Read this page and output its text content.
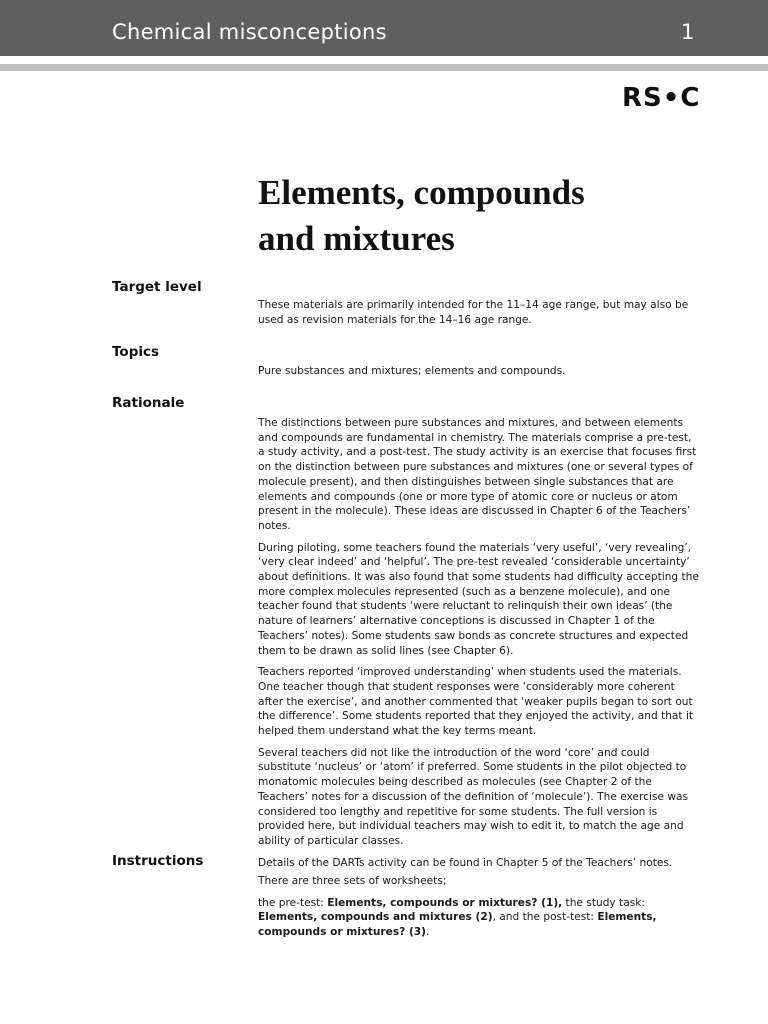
Chemical misconceptions	1
RS•C
Elements, compounds
and mixtures
Target level

These materials are primarily intended for the 11–14 age range, but may also be used as revision materials for the 14–16 age range.

Topics

Pure substances and mixtures; elements and compounds.

Rationale

The distinctions between pure substances and mixtures, and between elements and compounds are fundamental in chemistry. The materials comprise a pre-test, a study activity, and a post-test. The study activity is an exercise that focuses first on the distinction between pure substances and mixtures (one or several types of molecule present), and then distinguishes between single substances that are elements and compounds (one or more type of atomic core or nucleus or atom present in the molecule). These ideas are discussed in Chapter 6 of the Teachers’ notes.

During piloting, some teachers found the materials ‘very useful’, ‘very revealing’, ‘very clear indeed’ and ‘helpful’. The pre-test revealed ‘considerable uncertainty’ about definitions. It was also found that some students had difficulty accepting the more complex molecules represented (such as a benzene molecule), and one teacher found that students ‘were reluctant to relinquish their own ideas’ (the nature of learners’ alternative conceptions is discussed in Chapter 1 of the Teachers’ notes). Some students saw bonds as concrete structures and expected them to be drawn as solid lines (see Chapter 6).

Teachers reported ‘improved understanding’ when students used the materials. One teacher though that student responses were ‘considerably more coherent after the exercise’, and another commented that ‘weaker pupils began to sort out the difference’. Some students reported that they enjoyed the activity, and that it helped them understand what the key terms meant.

Several teachers did not like the introduction of the word ‘core’ and could substitute ‘nucleus’ or ‘atom’ if preferred. Some students in the pilot objected to monatomic molecules being described as molecules (see Chapter 2 of the Teachers’ notes for a discussion of the definition of ‘molecule’). The exercise was considered too lengthy and repetitive for some students. The full version is provided here, but individual teachers may wish to edit it, to match the age and ability of particular classes.

Details of the DARTs activity can be found in Chapter 5 of the Teachers’ notes.

Instructions

There are three sets of worksheets;

the pre-test: Elements, compounds or mixtures? (1), the study task: Elements, compounds and mixtures (2), and the post-test: Elements, compounds or mixtures? (3).
